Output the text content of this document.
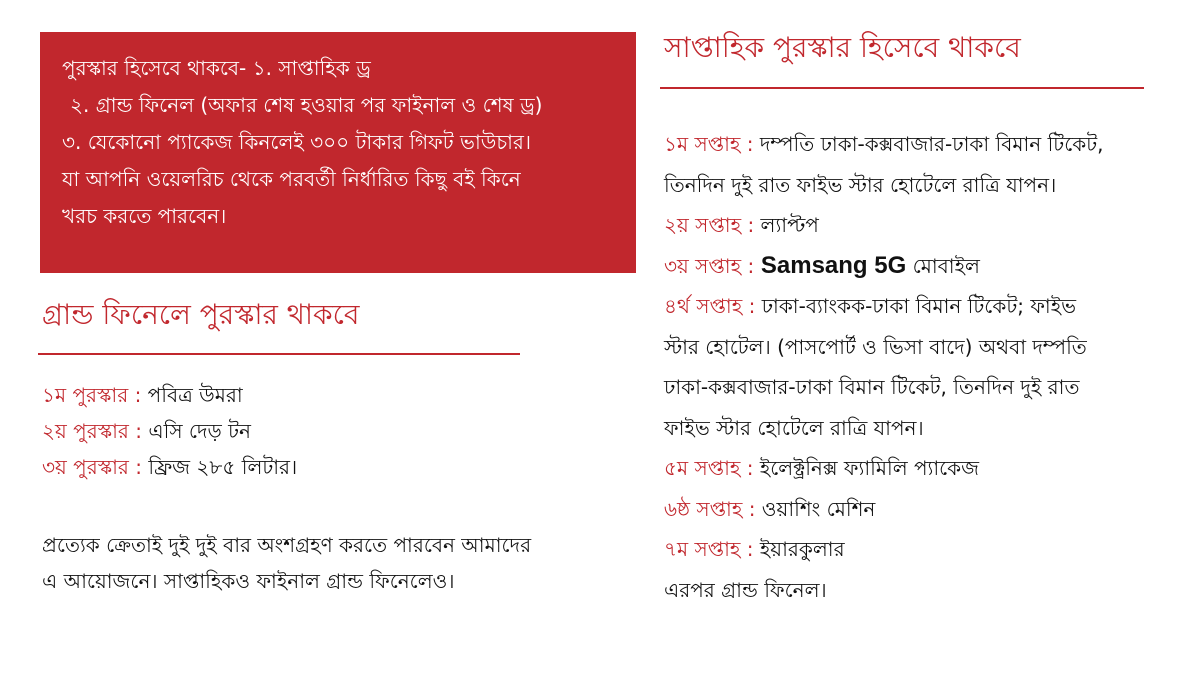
পুরস্কার হিসেবে থাকবে- ১. সাপ্তাহিক ড্র
২. গ্রান্ড ফিনেল (অফার শেষ হওয়ার পর ফাইনাল ও শেষ ড্র)
৩. যেকোনো প্যাকেজ কিনলেই ৩০০ টাকার গিফট ভাউচার।
যা আপনি ওয়েলরিচ থেকে পরবর্তী নির্ধারিত কিছু বই কিনে
খরচ করতে পারবেন।
গ্রান্ড ফিনেলে পুরস্কার থাকবে
১ম পুরস্কার : পবিত্র উমরা
২য় পুরস্কার : এসি দেড় টন
৩য় পুরস্কার : ফ্রিজ ২৮৫ লিটার।
প্রত্যেক ক্রেতাই দুই দুই বার অংশগ্রহণ করতে পারবেন আমাদের
এ আয়োজনে। সাপ্তাহিকও ফাইনাল গ্রান্ড ফিনেলেও।
সাপ্তাহিক পুরস্কার হিসেবে থাকবে
১ম সপ্তাহ : দম্পতি ঢাকা-কক্সবাজার-ঢাকা বিমান টিকেট,
তিনদিন দুই রাত ফাইভ স্টার হোটেলে রাত্রি যাপন।
২য় সপ্তাহ : ল্যাপ্টপ
৩য় সপ্তাহ : Samsang 5G মোবাইল
৪র্থ সপ্তাহ : ঢাকা-ব্যাংকক-ঢাকা বিমান টিকেট; ফাইভ
স্টার হোটেল। (পাসপোর্ট ও ভিসা বাদে) অথবা দম্পতি
ঢাকা-কক্সবাজার-ঢাকা বিমান টিকেট, তিনদিন দুই রাত
ফাইভ স্টার হোটেলে রাত্রি যাপন।
৫ম সপ্তাহ : ইলেক্ট্রনিক্স ফ্যামিলি প্যাকেজ
৬ষ্ঠ সপ্তাহ : ওয়াশিং মেশিন
৭ম সপ্তাহ : ইয়ারকুলার
এরপর গ্রান্ড ফিনেল।
